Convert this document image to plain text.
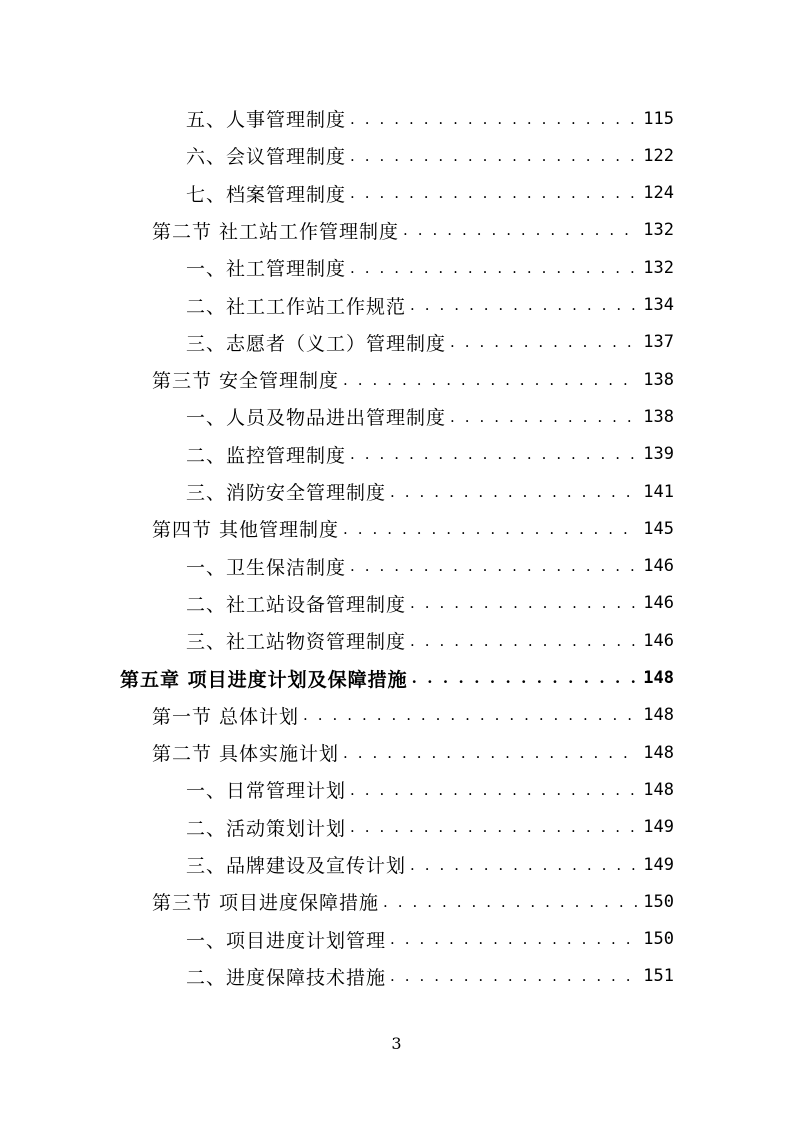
五、人事管理制度 . . .	115
六、会议管理制度 . . .	122
七、档案管理制度 . . .	124
第二节 社工站工作管理制度 . . .	132
一、社工管理制度 . . .	132
二、社工工作站工作规范 . . .	134
三、志愿者（义工）管理制度 . . .	137
第三节 安全管理制度 . . .	138
一、人员及物品进出管理制度 . . .	138
二、监控管理制度 . . .	139
三、消防安全管理制度 . . .	141
第四节 其他管理制度 . . .	145
一、卫生保洁制度 . . .	146
二、社工站设备管理制度 . . .	146
三、社工站物资管理制度 . . .	146
第五章 项目进度计划及保障措施 . . .	148
第一节 总体计划 . . .	148
第二节 具体实施计划 . . .	148
一、日常管理计划 . . .	148
二、活动策划计划 . . .	149
三、品牌建设及宣传计划 . . .	149
第三节 项目进度保障措施 . . .	150
一、项目进度计划管理 . . .	150
二、进度保障技术措施 . . .	151
3
